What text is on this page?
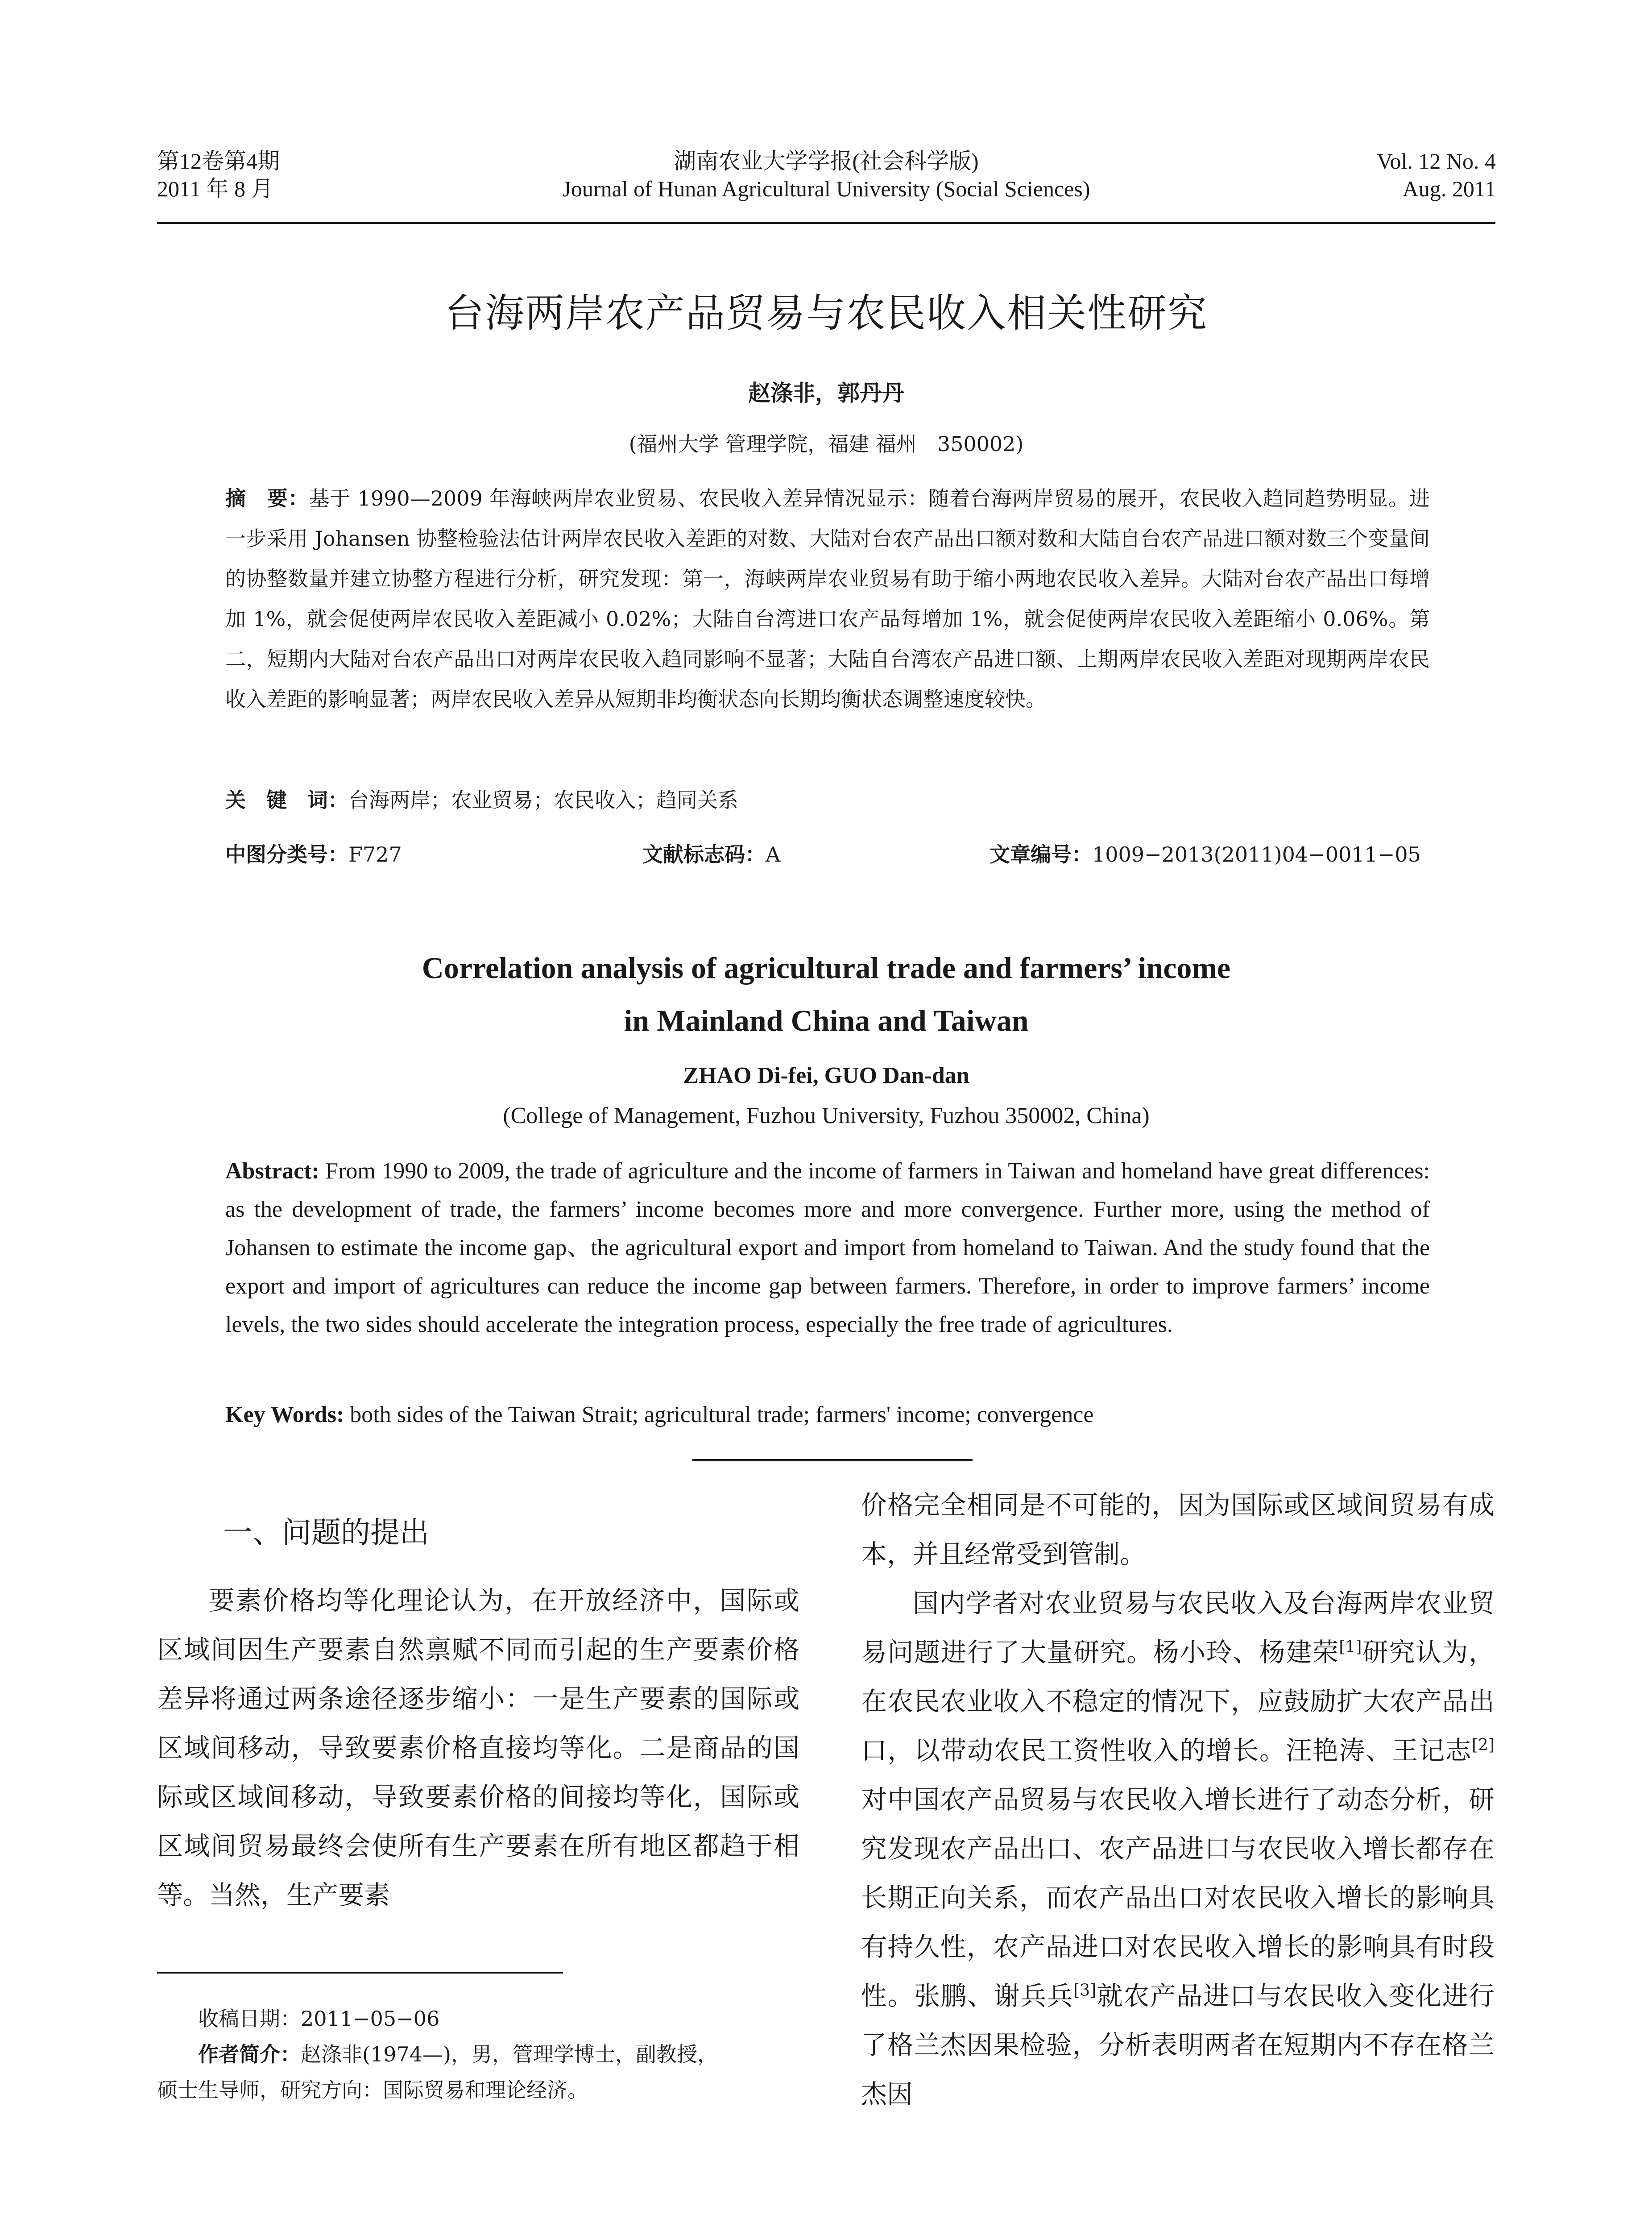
第12卷第4期
2011 年 8 月
湖南农业大学学报(社会科学版)
Journal of Hunan Agricultural University (Social Sciences)
Vol. 12 No. 4
Aug. 2011
台海两岸农产品贸易与农民收入相关性研究
赵涤非，郭丹丹
(福州大学 管理学院，福建 福州　350002)
摘　要：基于 1990—2009 年海峡两岸农业贸易、农民收入差异情况显示：随着台海两岸贸易的展开，农民收入趋同趋势明显。进一步采用 Johansen 协整检验法估计两岸农民收入差距的对数、大陆对台农产品出口额对数和大陆自台农产品进口额对数三个变量间的协整数量并建立协整方程进行分析，研究发现：第一，海峡两岸农业贸易有助于缩小两地农民收入差异。大陆对台农产品出口每增加 1%，就会促使两岸农民收入差距减小 0.02%；大陆自台湾进口农产品每增加 1%，就会促使两岸农民收入差距缩小 0.06%。第二，短期内大陆对台农产品出口对两岸农民收入趋同影响不显著；大陆自台湾农产品进口额、上期两岸农民收入差距对现期两岸农民收入差距的影响显著；两岸农民收入差异从短期非均衡状态向长期均衡状态调整速度较快。
关　键　词：台海两岸；农业贸易；农民收入；趋同关系
中图分类号：F727	文献标志码：A	文章编号：1009−2013(2011)04−0011−05
Correlation analysis of agricultural trade and farmers’ income
in Mainland China and Taiwan
ZHAO Di-fei, GUO Dan-dan
(College of Management, Fuzhou University, Fuzhou 350002, China)
Abstract: From 1990 to 2009, the trade of agriculture and the income of farmers in Taiwan and homeland have great differences: as the development of trade, the farmers’ income becomes more and more convergence. Further more, using the method of Johansen to estimate the income gap、the agricultural export and import from homeland to Taiwan. And the study found that the export and import of agricultures can reduce the income gap between farmers. Therefore, in order to improve farmers’ income levels, the two sides should accelerate the integration process, especially the free trade of agricultures.
Key Words: both sides of the Taiwan Strait; agricultural trade; farmers' income; convergence
一、问题的提出

要素价格均等化理论认为，在开放经济中，国际或区域间因生产要素自然禀赋不同而引起的生产要素价格差异将通过两条途径逐步缩小：一是生产要素的国际或区域间移动，导致要素价格直接均等化。二是商品的国际或区域间移动，导致要素价格的间接均等化，国际或区域间贸易最终会使所有生产要素在所有地区都趋于相等。当然，生产要素

价格完全相同是不可能的，因为国际或区域间贸易有成本，并且经常受到管制。

国内学者对农业贸易与农民收入及台海两岸农业贸易问题进行了大量研究。杨小玲、杨建荣[1]研究认为，在农民农业收入不稳定的情况下，应鼓励扩大农产品出口，以带动农民工资性收入的增长。汪艳涛、王记志[2]对中国农产品贸易与农民收入增长进行了动态分析，研究发现农产品出口、农产品进口与农民收入增长都存在长期正向关系，而农产品出口对农民收入增长的影响具有持久性，农产品进口对农民收入增长的影响具有时段性。张鹏、谢兵兵[3]就农产品进口与农民收入变化进行了格兰杰因果检验，分析表明两者在短期内不存在格兰杰因

收稿日期：2011−05−06
作者简介：赵涤非(1974—)，男，管理学博士，副教授，
硕士生导师，研究方向：国际贸易和理论经济。
